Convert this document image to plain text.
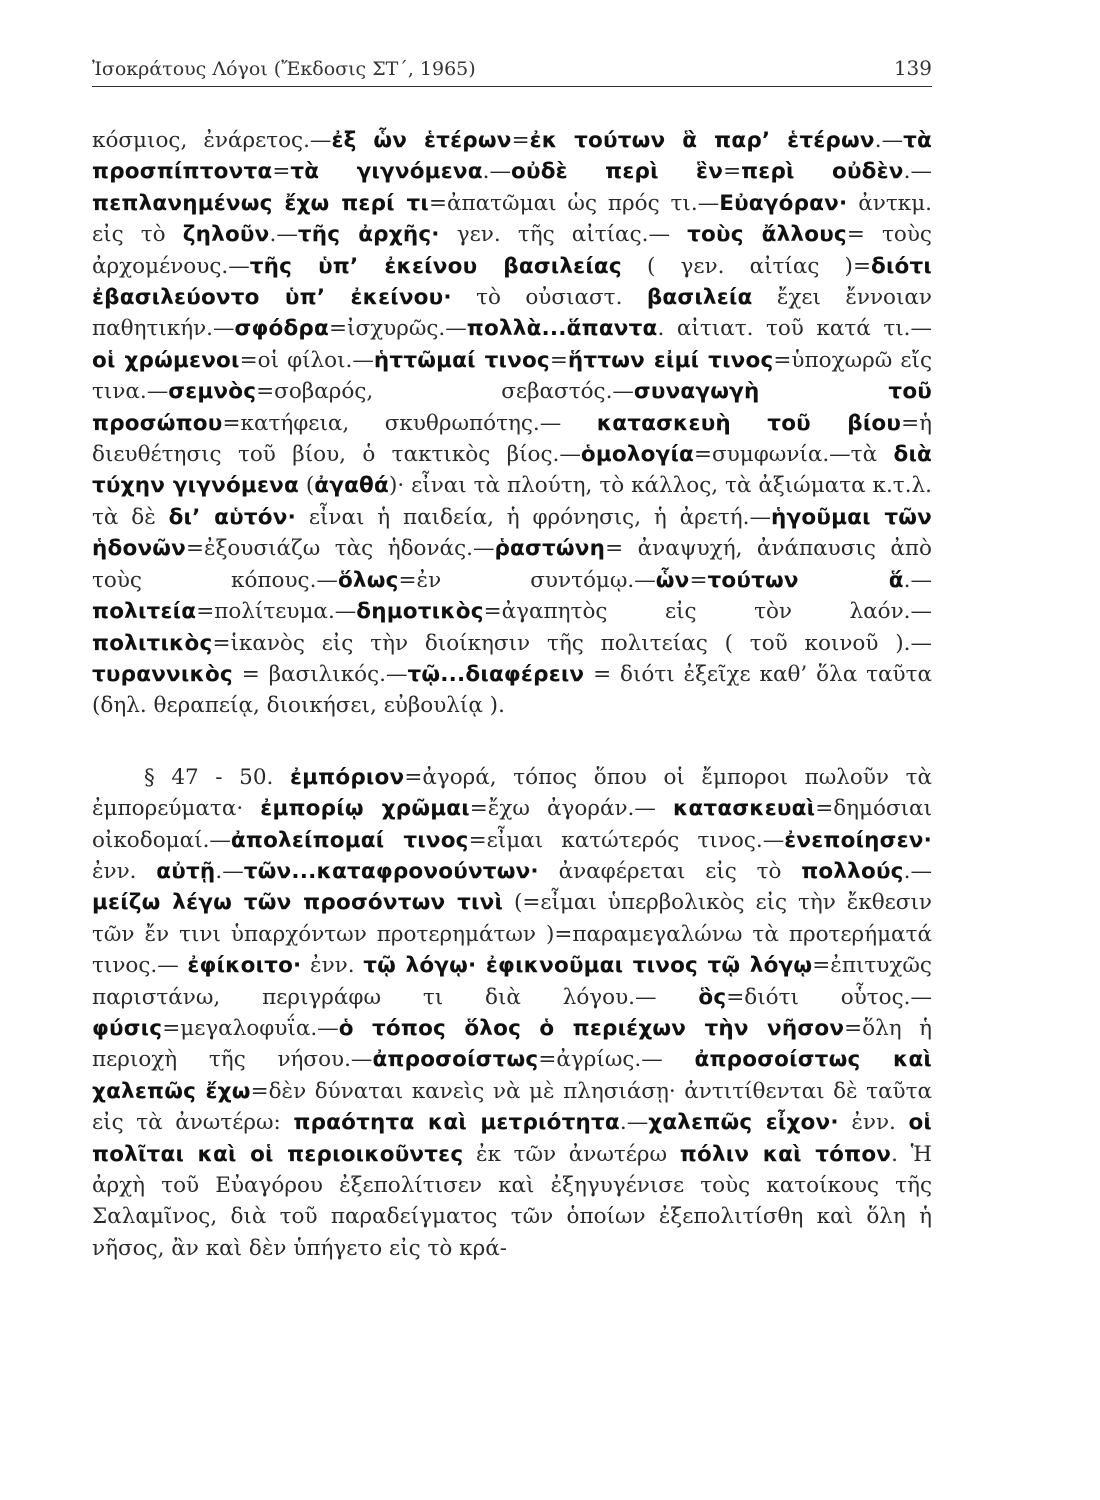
Ἰσοκράτους Λόγοι (Ἔκδοσις ΣΤ΄, 1965)	139

κόσμιος, ἐνάρετος.—ἐξ ὧν ἑτέρων=ἐκ τούτων ἃ παρ’ ἑτέρων.—τὰ προσπίπτοντα=τὰ γιγνόμενα.—οὐδὲ περὶ ἓν=περὶ οὐδὲν.—πεπλανημένως ἔχω περί τι=ἀπατῶμαι ὡς πρός τι.—Εὐαγόραν· ἀντκμ. εἰς τὸ ζηλοῦν.—τῆς ἀρχῆς· γεν. τῆς αἰτίας.— τοὺς ἄλλους= τοὺς ἀρχομένους.—τῆς ὑπ’ ἐκείνου βασιλείας ( γεν. αἰτίας )=διότι ἐβασιλεύοντο ὑπ’ ἐκείνου· τὸ οὐσιαστ. βασιλεία ἔχει ἔννοιαν παθητικήν.—σφόδρα=ἰσχυρῶς.—πολλὰ...ἅπαντα. αἰτιατ. τοῦ κατά τι.— οἱ χρώμενοι=οἱ φίλοι.—ἡττῶμαί τινος=ἥττων εἰμί τινος=ὑποχωρῶ εἴς τινα.—σεμνὸς=σοβαρός, σεβαστός.—συναγωγὴ τοῦ προσώπου=κατήφεια, σκυθρωπότης.— κατασκευὴ τοῦ βίου=ἡ διευθέτησις τοῦ βίου, ὁ τακτικὸς βίος.—ὁμολογία=συμφωνία.—τὰ διὰ τύχην γιγνόμενα (ἀγαθά)· εἶναι τὰ πλούτη, τὸ κάλλος, τὰ ἀξιώματα κ.τ.λ. τὰ δὲ δι’ αὑτόν· εἶναι ἡ παιδεία, ἡ φρόνησις, ἡ ἀρετή.—ἡγοῦμαι τῶν ἡδονῶν=ἐξουσιάζω τὰς ἡδονάς.—ῥαστώνη= ἀναψυχή, ἀνάπαυσις ἀπὸ τοὺς κόπους.—ὅλως=ἐν συντόμῳ.—ὧν=τούτων ἅ.— πολιτεία=πολίτευμα.—δημοτικὸς=ἀγαπητὸς εἰς τὸν λαόν.—πολιτικὸς=ἱκανὸς εἰς τὴν διοίκησιν τῆς πολιτείας ( τοῦ κοινοῦ ).—τυραννικὸς = βασιλικός.—τῷ...διαφέρειν = διότι ἐξεῖχε καθ’ ὅλα ταῦτα (δηλ. θεραπείᾳ, διοικήσει, εὐβουλίᾳ ).

§ 47 - 50. ἐμπόριον=ἀγορά, τόπος ὅπου οἱ ἔμποροι πωλοῦν τὰ ἐμπορεύματα· ἐμπορίῳ χρῶμαι=ἔχω ἀγοράν.— κατασκευαὶ=δημόσιαι οἰκοδομαί.—ἀπολείπομαί τινος=εἶμαι κατώτερός τινος.—ἐνεποίησεν· ἐνν. αὐτῇ.—τῶν...καταφρονούντων· ἀναφέρεται εἰς τὸ πολλούς.—μείζω λέγω τῶν προσόντων τινὶ (=εἶμαι ὑπερβολικὸς εἰς τὴν ἔκθεσιν τῶν ἔν τινι ὑπαρχόντων προτερημάτων )=παραμεγαλώνω τὰ προτερήματά τινος.— ἐφίκοιτο· ἐνν. τῷ λόγῳ· ἐφικνοῦμαι τινος τῷ λόγῳ=ἐπιτυχῶς παριστάνω, περιγράφω τι διὰ λόγου.— ὃς=διότι οὗτος.—φύσις=μεγαλοφυΐα.—ὁ τόπος ὅλος ὁ περιέχων τὴν νῆσον=ὅλη ἡ περιοχὴ τῆς νήσου.—ἀπροσοίστως=ἀγρίως.— ἀπροσοίστως καὶ χαλεπῶς ἔχω=δὲν δύναται κανεὶς νὰ μὲ πλησιάσῃ· ἀντιτίθενται δὲ ταῦτα εἰς τὰ ἀνωτέρω: πραότητα καὶ μετριότητα.—χαλεπῶς εἶχον· ἐνν. οἱ πολῖται καὶ οἱ περιοικοῦντες ἐκ τῶν ἀνωτέρω πόλιν καὶ τόπον. Ἡ ἀρχὴ τοῦ Εὐαγόρου ἐξεπολίτισεν καὶ ἐξηγυγένισε τοὺς κατοίκους τῆς Σαλαμῖνος, διὰ τοῦ παραδείγματος τῶν ὁποίων ἐξεπολιτίσθη καὶ ὅλη ἡ νῆσος, ἂν καὶ δὲν ὑπήγετο εἰς τὸ κρά-
